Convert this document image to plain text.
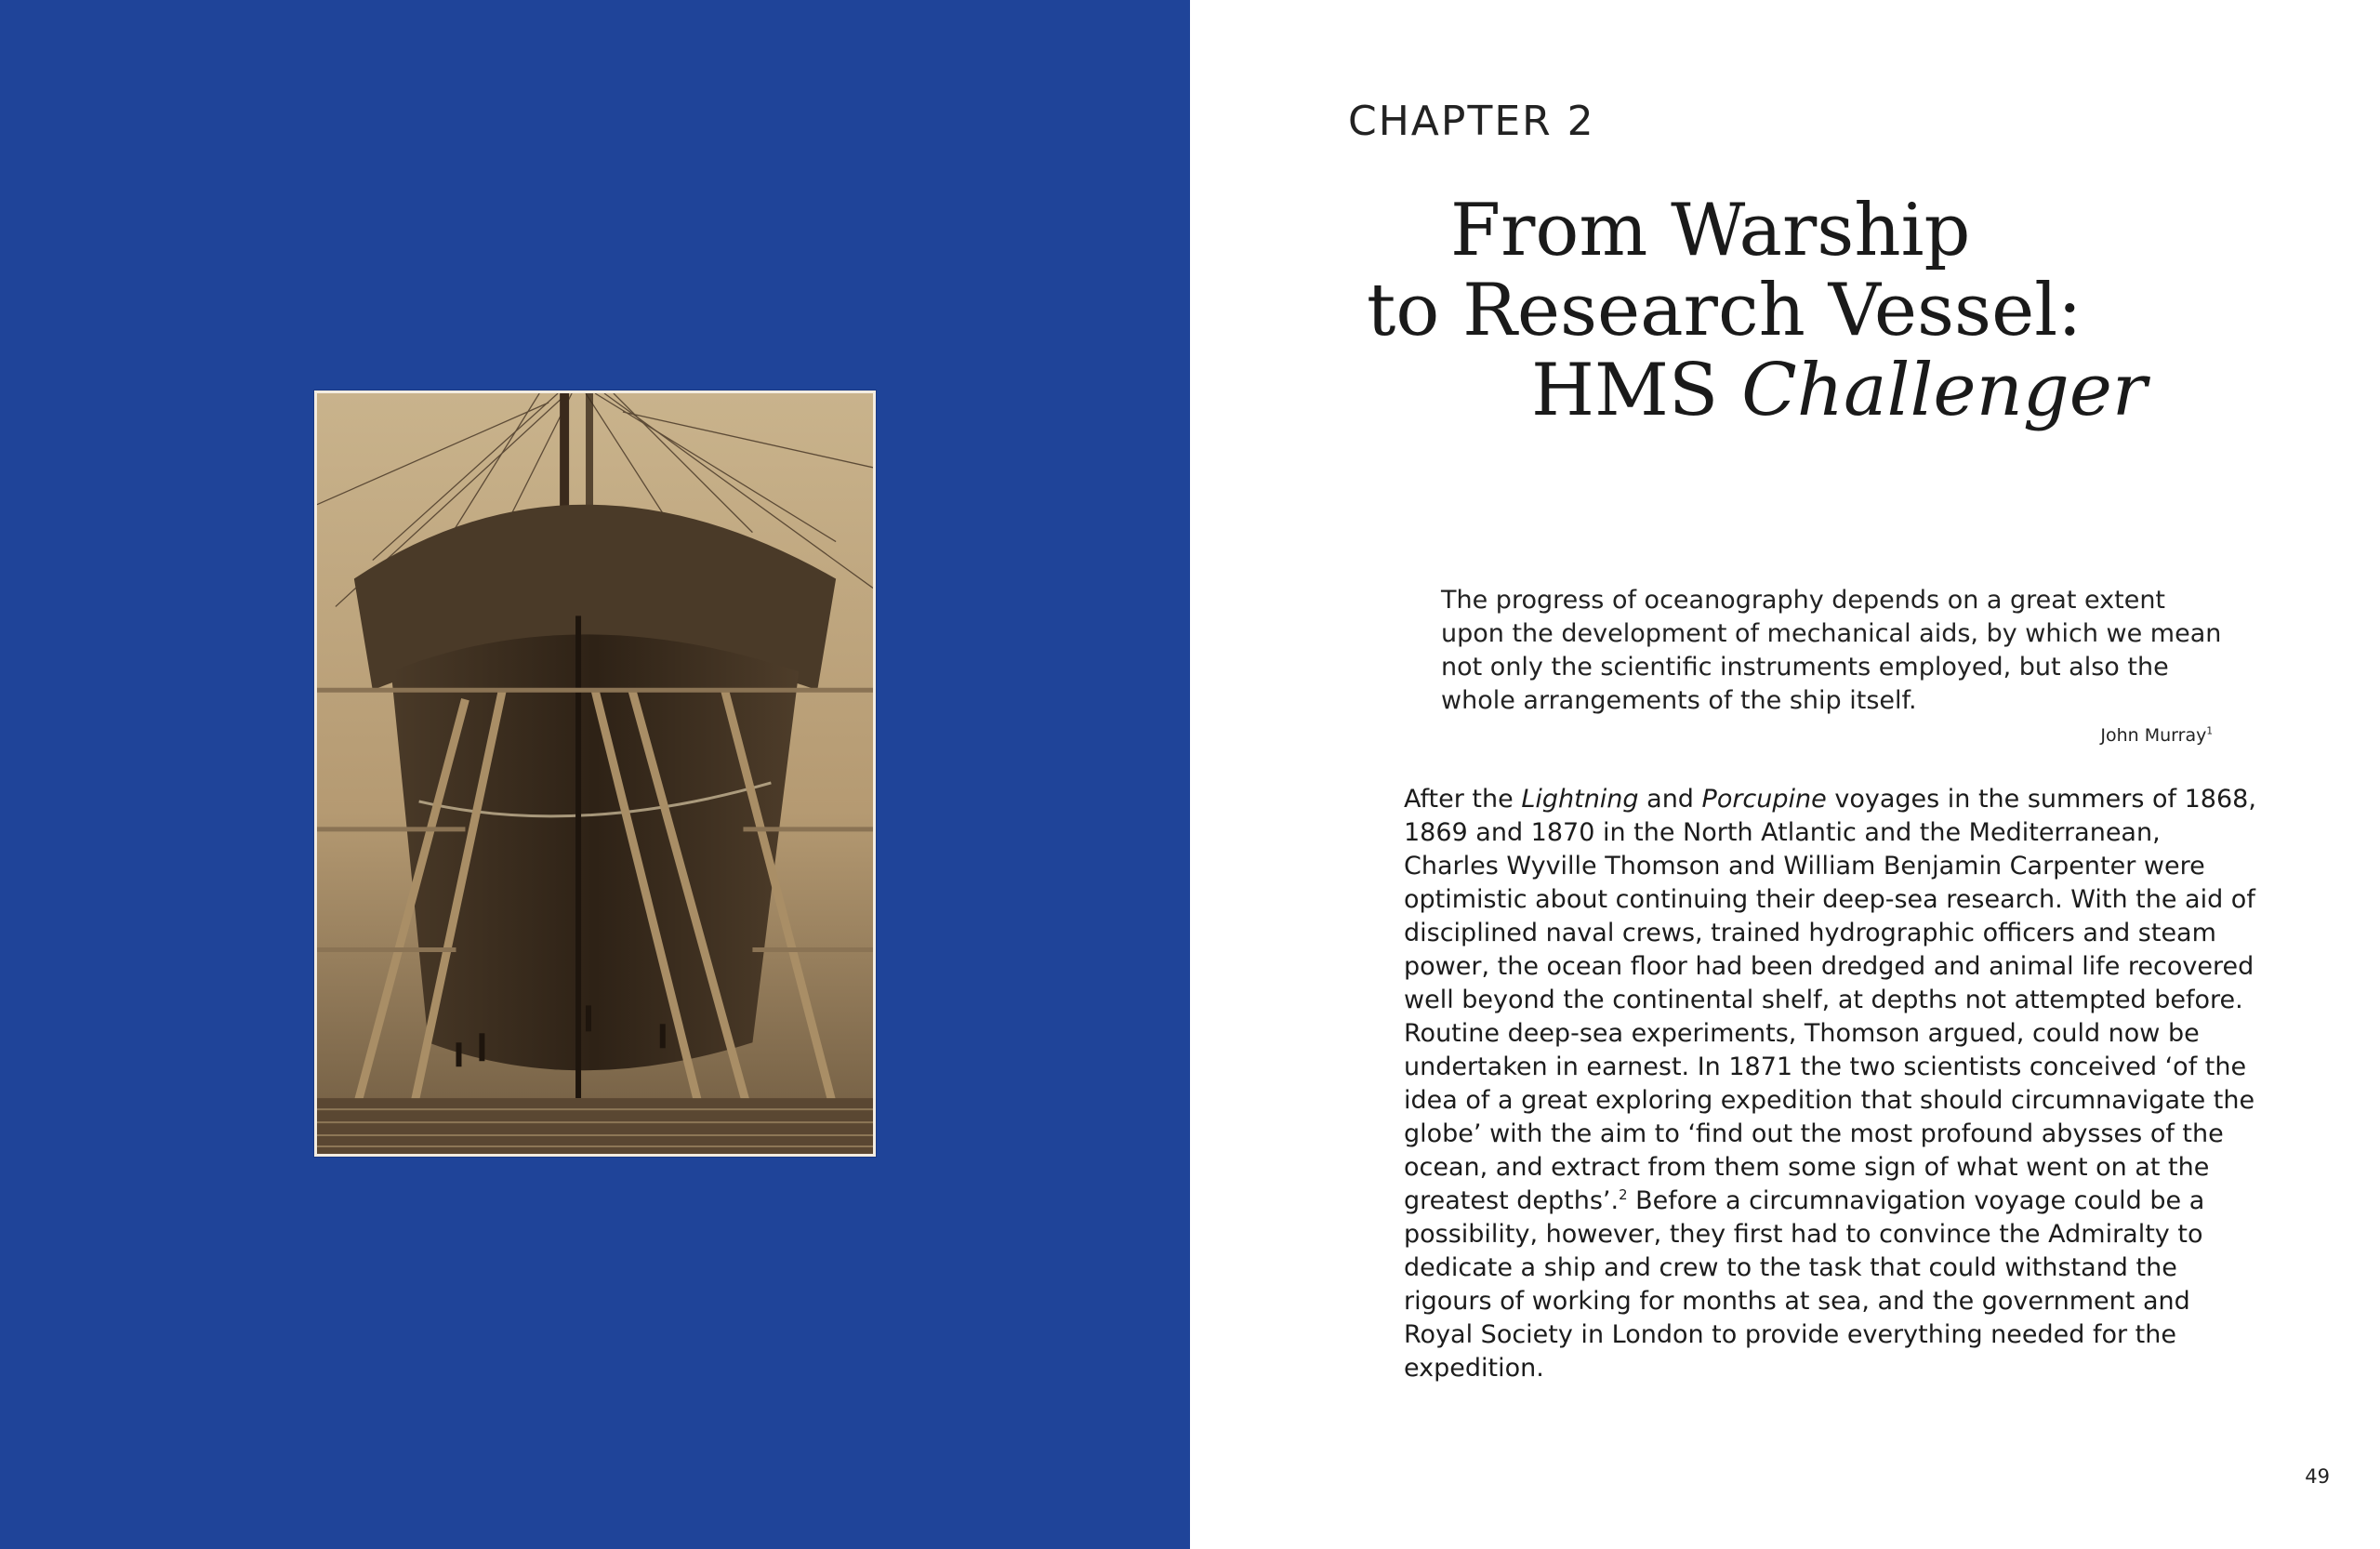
CHAPTER 2
From Warship
to Research Vessel:
HMS Challenger

The progress of oceanography depends on a great extent upon the development of mechanical aids, by which we mean not only the scientific instruments employed, but also the whole arrangements of the ship itself.

John Murray$^1$

After the Lightning and Porcupine voyages in the summers of 1868, 1869 and 1870 in the North Atlantic and the Mediterranean, Charles Wyville Thomson and William Benjamin Carpenter were optimistic about continuing their deep-sea research. With the aid of disciplined naval crews, trained hydrographic officers and steam power, the ocean floor had been dredged and animal life recovered well beyond the continental shelf, at depths not attempted before. Routine deep-sea experiments, Thomson argued, could now be undertaken in earnest. In 1871 the two scientists conceived ‘of the idea of a great exploring expedition that should circumnavigate the globe’ with the aim to ‘find out the most profound abysses of the ocean, and extract from them some sign of what went on at the greatest depths’.$^2$ Before a circumnavigation voyage could be a possibility, however, they first had to convince the Admiralty to dedicate a ship and crew to the task that could withstand the rigours of working for months at sea, and the government and Royal Society in London to provide everything needed for the expedition.

49
